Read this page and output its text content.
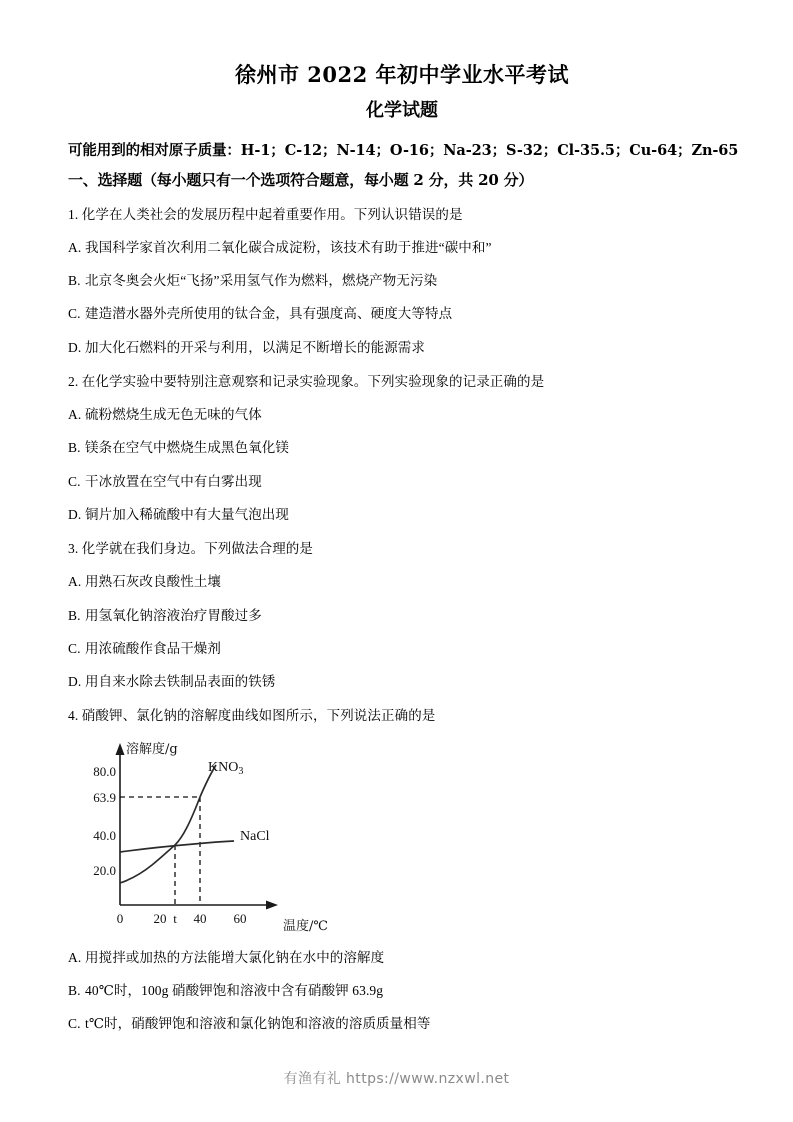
徐州市 2022 年初中学业水平考试
化学试题
可能用到的相对原子质量：H-1；C-12；N-14；O-16；Na-23；S-32；Cl-35.5；Cu-64；Zn-65
一、选择题（每小题只有一个选项符合题意，每小题 2 分，共 20 分）
1. 化学在人类社会的发展历程中起着重要作用。下列认识错误的是
A. 我国科学家首次利用二氧化碳合成淀粉，该技术有助于推进“碳中和”
B. 北京冬奥会火炬“飞扬”采用氢气作为燃料，燃烧产物无污染
C. 建造潜水器外壳所使用的钛合金，具有强度高、硬度大等特点
D. 加大化石燃料的开采与利用，以满足不断增长的能源需求
2. 在化学实验中要特别注意观察和记录实验现象。下列实验现象的记录正确的是
A. 硫粉燃烧生成无色无味的气体
B. 镁条在空气中燃烧生成黑色氧化镁
C. 干冰放置在空气中有白雾出现
D. 铜片加入稀硫酸中有大量气泡出现
3. 化学就在我们身边。下列做法合理的是
A. 用熟石灰改良酸性土壤
B. 用氢氧化钠溶液治疗胃酸过多
C. 用浓硫酸作食品干燥剂
D. 用自来水除去铁制品表面的铁锈
4. 硝酸钾、氯化钠的溶解度曲线如图所示，下列说法正确的是
溶解度/g
温度/℃
80.0
63.9
40.0
20.0
0 20 t 40 60
$KNO_3$
NaCl
A. 用搅拌或加热的方法能增大氯化钠在水中的溶解度
B. 40℃时，100g 硝酸钾饱和溶液中含有硝酸钾 63.9g
C. t℃时，硝酸钾饱和溶液和氯化钠饱和溶液的溶质质量相等
有渔有礼 https://www.nzxwl.net
